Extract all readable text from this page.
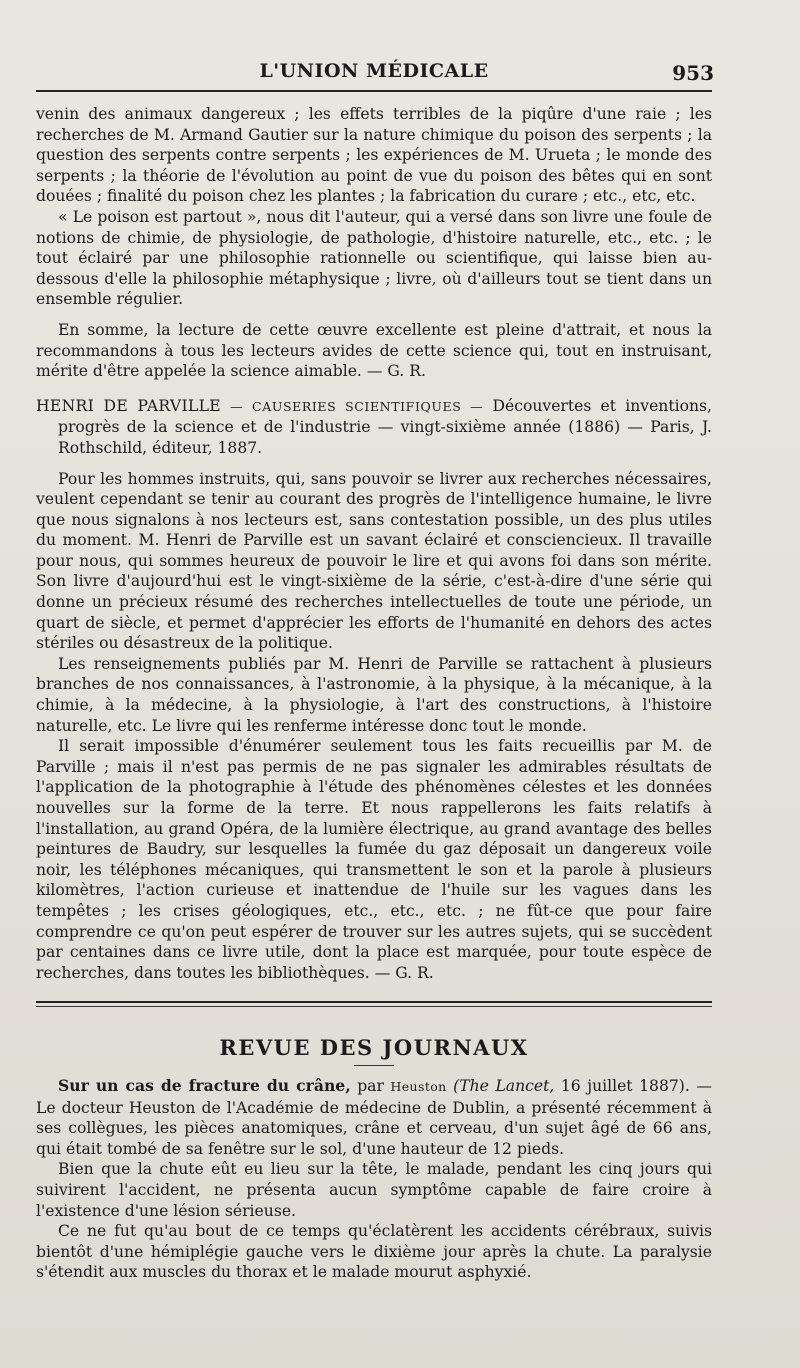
L'UNION MÉDICALE	953

venin des animaux dangereux ; les effets terribles de la piqûre d'une raie ; les recherches de M. Armand Gautier sur la nature chimique du poison des serpents ; la question des serpents contre serpents ; les expériences de M. Urueta ; le monde des serpents ; la théorie de l'évolution au point de vue du poison des bêtes qui en sont douées ; finalité du poison chez les plantes ; la fabrication du curare ; etc., etc, etc.

« Le poison est partout », nous dit l'auteur, qui a versé dans son livre une foule de notions de chimie, de physiologie, de pathologie, d'histoire naturelle, etc., etc. ; le tout éclairé par une philosophie rationnelle ou scientifique, qui laisse bien au-dessous d'elle la philosophie métaphysique ; livre, où d'ailleurs tout se tient dans un ensemble régulier.

En somme, la lecture de cette œuvre excellente est pleine d'attrait, et nous la recommandons à tous les lecteurs avides de cette science qui, tout en instruisant, mérite d'être appelée la science aimable. — G. R.

HENRI DE PARVILLE — CAUSERIES SCIENTIFIQUES — Découvertes et inventions, progrès de la science et de l'industrie — vingt-sixième année (1886) — Paris, J. Rothschild, éditeur, 1887.

Pour les hommes instruits, qui, sans pouvoir se livrer aux recherches nécessaires, veulent cependant se tenir au courant des progrès de l'intelligence humaine, le livre que nous signalons à nos lecteurs est, sans contestation possible, un des plus utiles du moment. M. Henri de Parville est un savant éclairé et consciencieux. Il travaille pour nous, qui sommes heureux de pouvoir le lire et qui avons foi dans son mérite. Son livre d'aujourd'hui est le vingt-sixième de la série, c'est-à-dire d'une série qui donne un précieux résumé des recherches intellectuelles de toute une période, un quart de siècle, et permet d'apprécier les efforts de l'humanité en dehors des actes stériles ou désastreux de la politique.

Les renseignements publiés par M. Henri de Parville se rattachent à plusieurs branches de nos connaissances, à l'astronomie, à la physique, à la mécanique, à la chimie, à la médecine, à la physiologie, à l'art des constructions, à l'histoire naturelle, etc. Le livre qui les renferme intéresse donc tout le monde.

Il serait impossible d'énumérer seulement tous les faits recueillis par M. de Parville ; mais il n'est pas permis de ne pas signaler les admirables résultats de l'application de la photographie à l'étude des phénomènes célestes et les données nouvelles sur la forme de la terre. Et nous rappellerons les faits relatifs à l'installation, au grand Opéra, de la lumière électrique, au grand avantage des belles peintures de Baudry, sur lesquelles la fumée du gaz déposait un dangereux voile noir, les téléphones mécaniques, qui transmettent le son et la parole à plusieurs kilomètres, l'action curieuse et inattendue de l'huile sur les vagues dans les tempêtes ; les crises géologiques, etc., etc., etc. ; ne fût-ce que pour faire comprendre ce qu'on peut espérer de trouver sur les autres sujets, qui se succèdent par centaines dans ce livre utile, dont la place est marquée, pour toute espèce de recherches, dans toutes les bibliothèques. — G. R.

REVUE DES JOURNAUX

Sur un cas de fracture du crâne, par Heuston (The Lancet, 16 juillet 1887). — Le docteur Heuston de l'Académie de médecine de Dublin, a présenté récemment à ses collègues, les pièces anatomiques, crâne et cerveau, d'un sujet âgé de 66 ans, qui était tombé de sa fenêtre sur le sol, d'une hauteur de 12 pieds.

Bien que la chute eût eu lieu sur la tête, le malade, pendant les cinq jours qui suivirent l'accident, ne présenta aucun symptôme capable de faire croire à l'existence d'une lésion sérieuse.

Ce ne fut qu'au bout de ce temps qu'éclatèrent les accidents cérébraux, suivis bientôt d'une hémiplégie gauche vers le dixième jour après la chute. La paralysie s'étendit aux muscles du thorax et le malade mourut asphyxié.
